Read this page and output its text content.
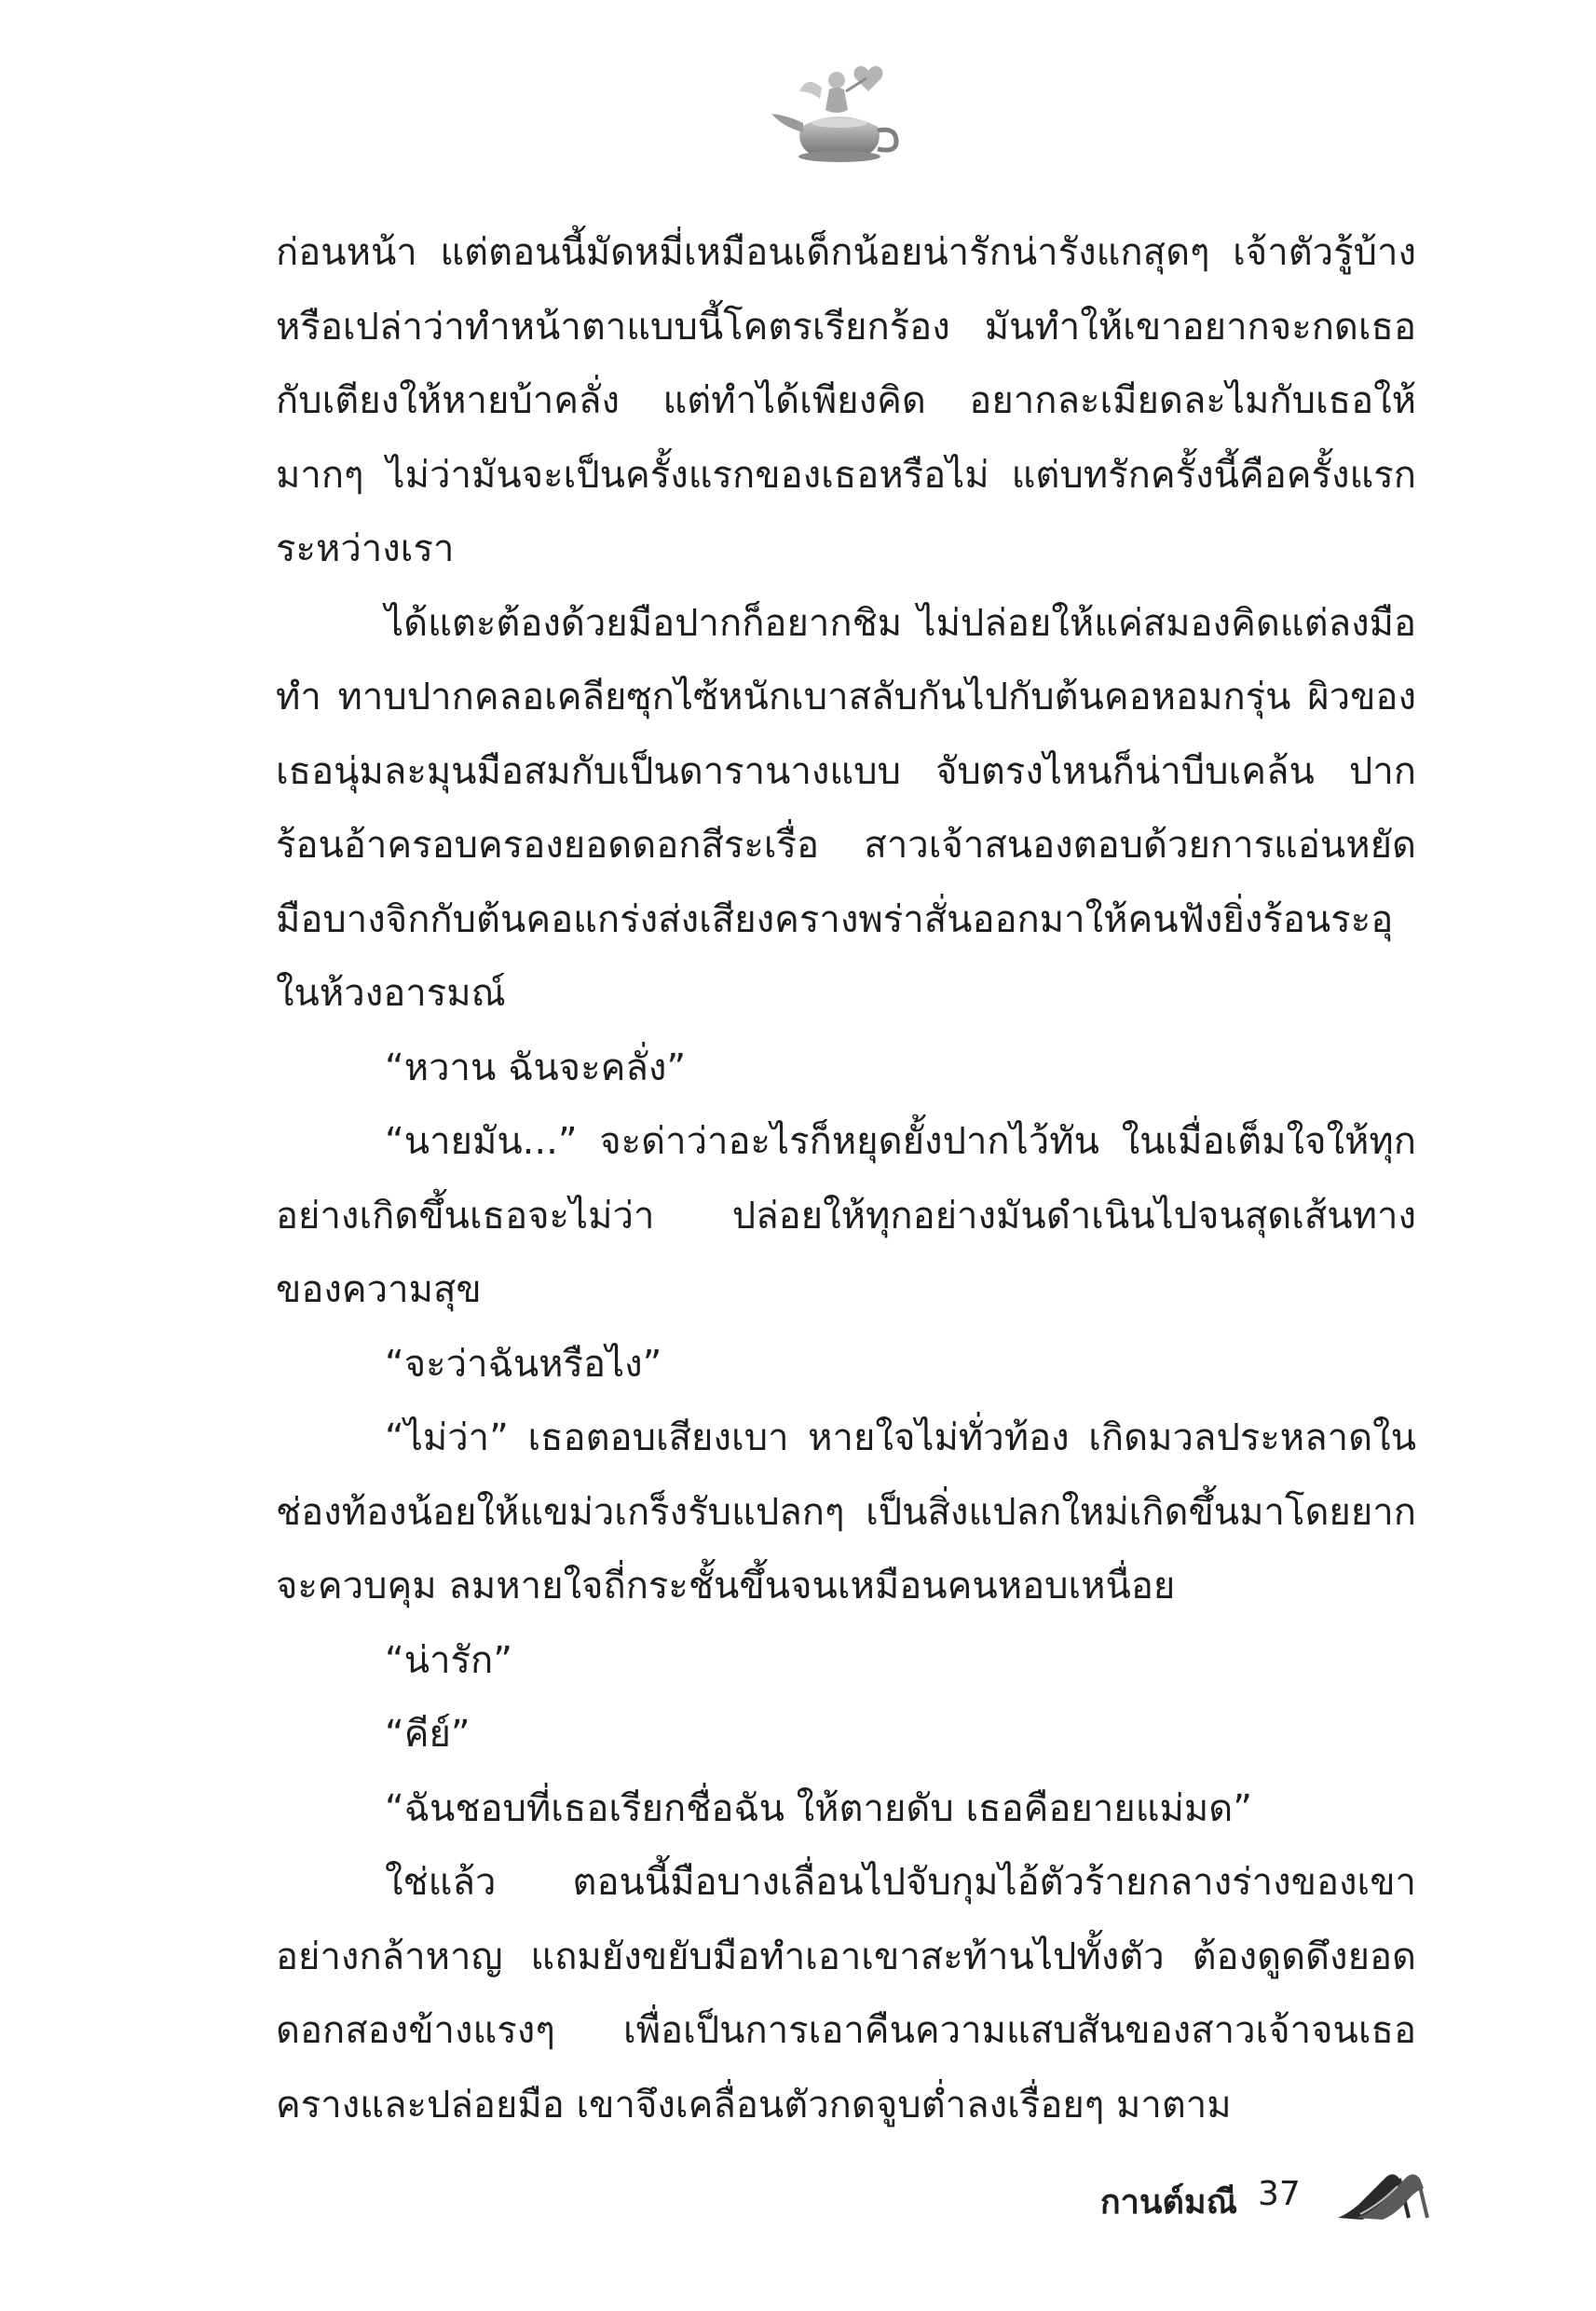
ก่อนหน้า แต่ตอนนี้มัดหมี่เหมือนเด็กน้อยน่ารักน่ารังแกสุดๆ เจ้าตัวรู้บ้างหรือเปล่าว่าทำหน้าตาแบบนี้โคตรเรียกร้อง มันทำให้เขาอยากจะกดเธอกับเตียงให้หายบ้าคลั่ง แต่ทำได้เพียงคิด อยากละเมียดละไมกับเธอให้มากๆ ไม่ว่ามันจะเป็นครั้งแรกของเธอหรือไม่ แต่บทรักครั้งนี้คือครั้งแรกระหว่างเรา

ได้แตะต้องด้วยมือปากก็อยากชิม ไม่ปล่อยให้แค่สมองคิดแต่ลงมือทำ ทาบปากคลอเคลียซุกไซ้หนักเบาสลับกันไปกับต้นคอหอมกรุ่น ผิวของเธอนุ่มละมุนมือสมกับเป็นดารานางแบบ จับตรงไหนก็น่าบีบเคล้น ปากร้อนอ้าครอบครองยอดดอกสีระเรื่อ สาวเจ้าสนองตอบด้วยการแอ่นหยัด มือบางจิกกับต้นคอแกร่งส่งเสียงครางพร่าสั่นออกมาให้คนฟังยิ่งร้อนระอุในห้วงอารมณ์

“หวาน ฉันจะคลั่ง”

“นายมัน...” จะด่าว่าอะไรก็หยุดยั้งปากไว้ทัน ในเมื่อเต็มใจให้ทุกอย่างเกิดขึ้นเธอจะไม่ว่า ปล่อยให้ทุกอย่างมันดำเนินไปจนสุดเส้นทางของความสุข

“จะว่าฉันหรือไง”

“ไม่ว่า” เธอตอบเสียงเบา หายใจไม่ทั่วท้อง เกิดมวลประหลาดในช่องท้องน้อยให้แขม่วเกร็งรับแปลกๆ เป็นสิ่งแปลกใหม่เกิดขึ้นมาโดยยากจะควบคุม ลมหายใจถี่กระชั้นขึ้นจนเหมือนคนหอบเหนื่อย

“น่ารัก”

“คีย์”

“ฉันชอบที่เธอเรียกชื่อฉัน ให้ตายดับ เธอคือยายแม่มด”

ใช่แล้ว ตอนนี้มือบางเลื่อนไปจับกุมไอ้ตัวร้ายกลางร่างของเขาอย่างกล้าหาญ แถมยังขยับมือทำเอาเขาสะท้านไปทั้งตัว ต้องดูดดึงยอดดอกสองข้างแรงๆ เพื่อเป็นการเอาคืนความแสบสันของสาวเจ้าจนเธอครางและปล่อยมือ เขาจึงเคลื่อนตัวกดจูบต่ำลงเรื่อยๆ มาตาม

กานต์มณี 37
